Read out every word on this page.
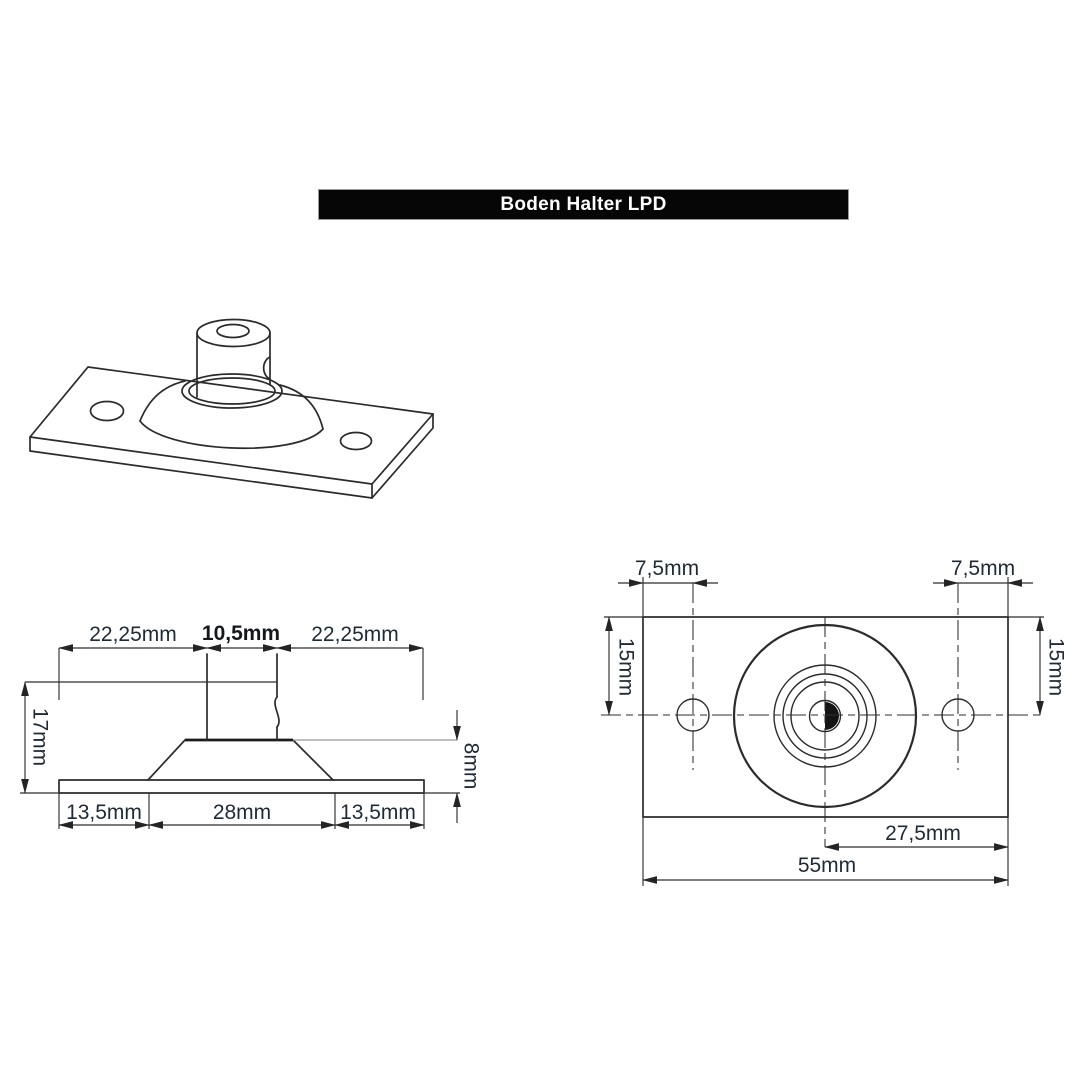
Boden Halter LPD
22,25mm 10,5mm 22,25mm
17mm	8mm
13,5mm	28mm	13,5mm
7,5mm	7,5mm
15mm	15mm
27,5mm
55mm
